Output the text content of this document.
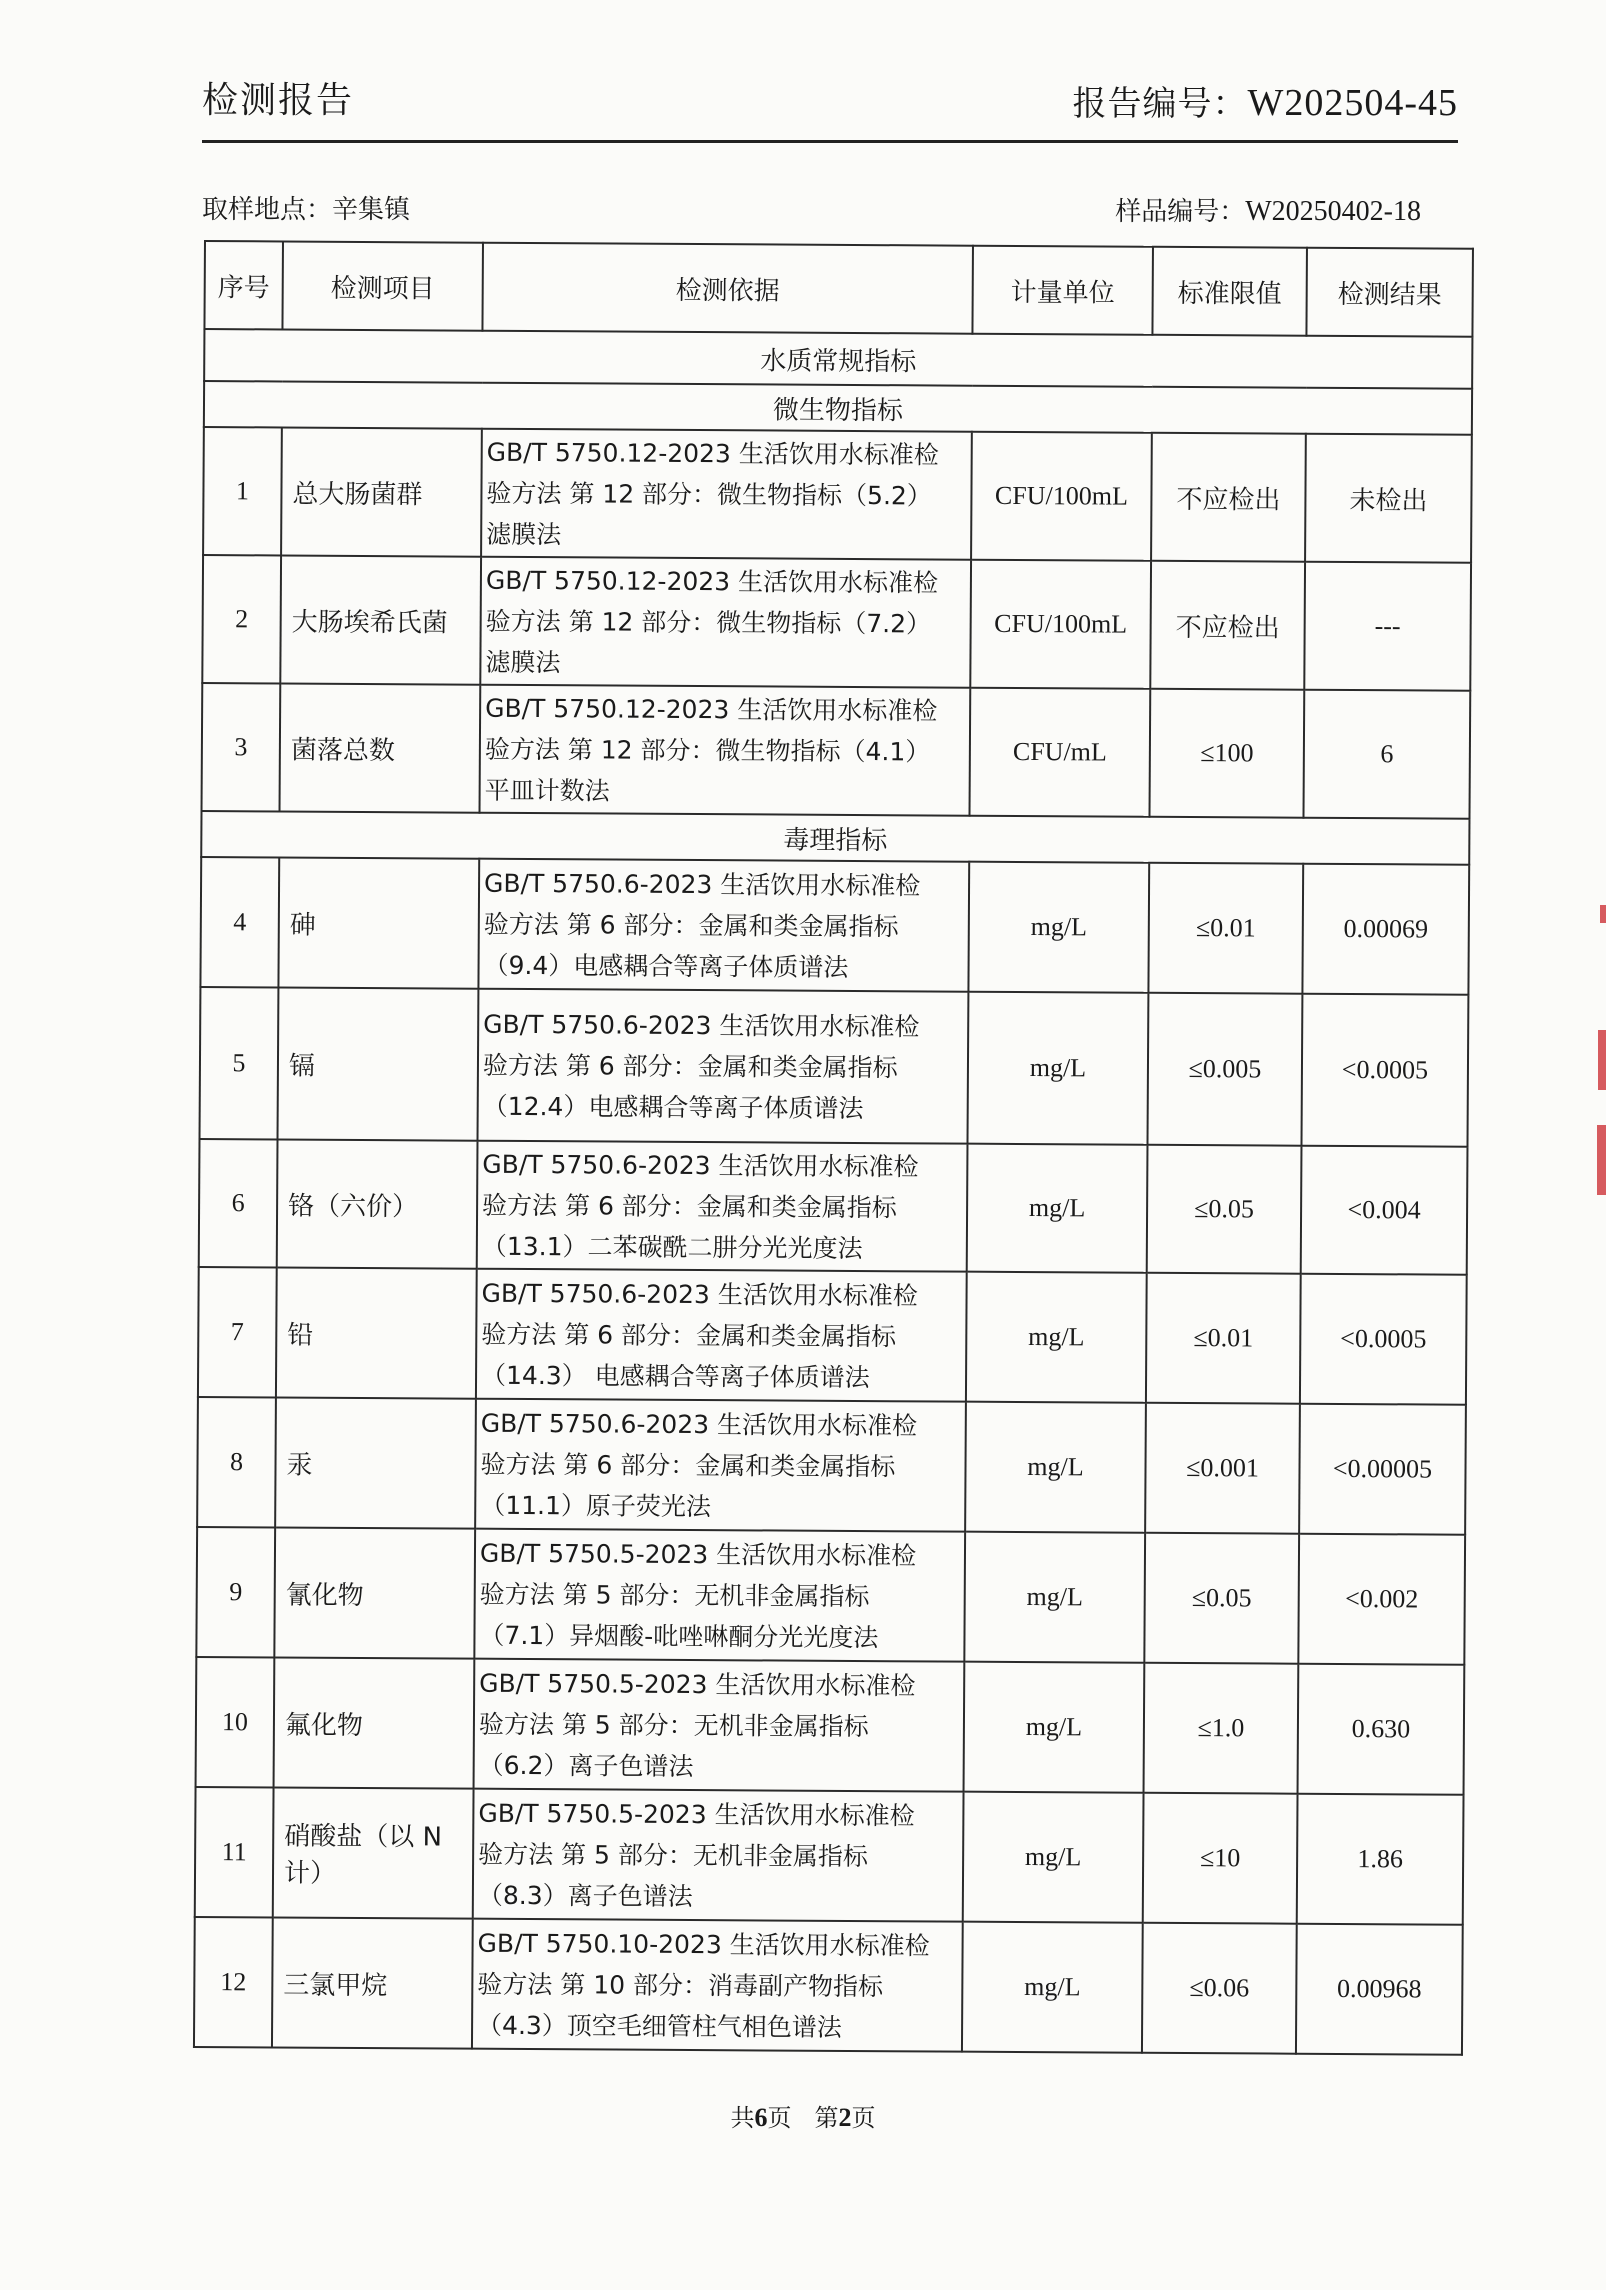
检测报告	报告编号：W202504-45
取样地点：辛集镇	样品编号：W20250402-18
序号	检测项目	检测依据	计量单位	标准限值	检测结果
水质常规指标					
微生物指标					
1	总大肠菌群	GB/T 5750.12-2023 生活饮用水标准检
验方法 第 12 部分：微生物指标（5.2）
滤膜法	CFU/100mL	不应检出	未检出
2	大肠埃希氏菌	GB/T 5750.12-2023 生活饮用水标准检
验方法 第 12 部分：微生物指标（7.2）
滤膜法	CFU/100mL	不应检出	---
3	菌落总数	GB/T 5750.12-2023 生活饮用水标准检
验方法 第 12 部分：微生物指标（4.1）
平皿计数法	CFU/mL	≤100	6
毒理指标					
4	砷	GB/T 5750.6-2023 生活饮用水标准检
验方法 第 6 部分：金属和类金属指标
（9.4）电感耦合等离子体质谱法	mg/L	≤0.01	0.00069
5	镉	GB/T 5750.6-2023 生活饮用水标准检
验方法 第 6 部分：金属和类金属指标
（12.4）电感耦合等离子体质谱法	mg/L	≤0.005	<0.0005
6	铬（六价）	GB/T 5750.6-2023 生活饮用水标准检
验方法 第 6 部分：金属和类金属指标
（13.1）二苯碳酰二肼分光光度法	mg/L	≤0.05	<0.004
7	铅	GB/T 5750.6-2023 生活饮用水标准检
验方法 第 6 部分：金属和类金属指标
（14.3） 电感耦合等离子体质谱法	mg/L	≤0.01	<0.0005
8	汞	GB/T 5750.6-2023 生活饮用水标准检
验方法 第 6 部分：金属和类金属指标
（11.1）原子荧光法	mg/L	≤0.001	<0.00005
9	氰化物	GB/T 5750.5-2023 生活饮用水标准检
验方法 第 5 部分：无机非金属指标
（7.1）异烟酸-吡唑啉酮分光光度法	mg/L	≤0.05	<0.002
10	氟化物	GB/T 5750.5-2023 生活饮用水标准检
验方法 第 5 部分：无机非金属指标
（6.2）离子色谱法	mg/L	≤1.0	0.630
11	硝酸盐（以 N 计）	GB/T 5750.5-2023 生活饮用水标准检
验方法 第 5 部分：无机非金属指标
（8.3）离子色谱法	mg/L	≤10	1.86
12	三氯甲烷	GB/T 5750.10-2023 生活饮用水标准检
验方法 第 10 部分：消毒副产物指标
（4.3）顶空毛细管柱气相色谱法	mg/L	≤0.06	0.00968
共6页 第2页
